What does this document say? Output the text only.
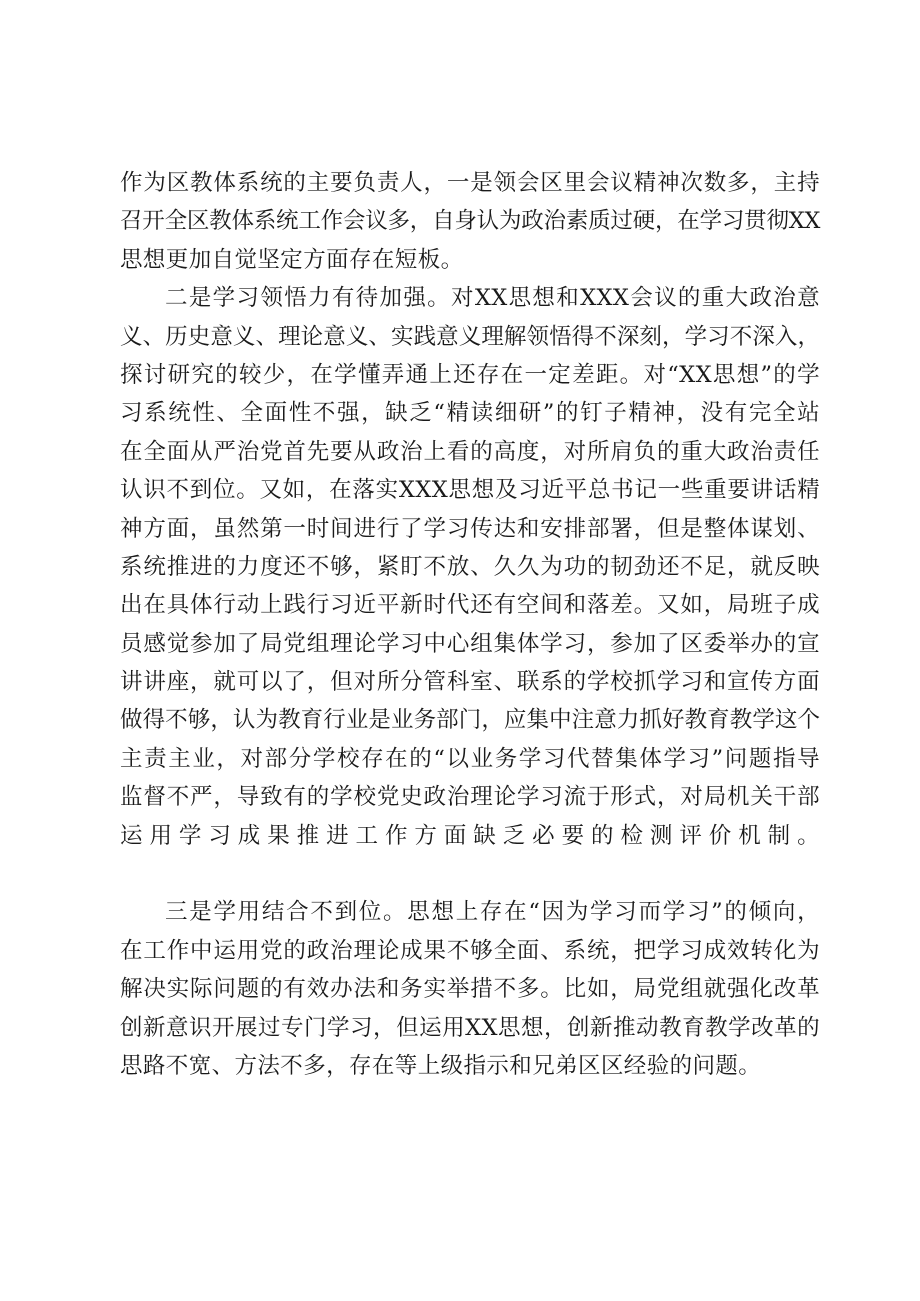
作为区教体系统的主要负责人，一是领会区里会议精神次数多，主持
召开全区教体系统工作会议多，自身认为政治素质过硬，在学习贯彻XX
思想更加自觉坚定方面存在短板。
二是学习领悟力有待加强。对XX思想和XXX会议的重大政治意
义、历史意义、理论意义、实践意义理解领悟得不深刻，学习不深入，
探讨研究的较少，在学懂弄通上还存在一定差距。对“XX思想”的学
习系统性、全面性不强，缺乏“精读细研”的钉子精神，没有完全站
在全面从严治党首先要从政治上看的高度，对所肩负的重大政治责任
认识不到位。又如，在落实XXX思想及习近平总书记一些重要讲话精
神方面，虽然第一时间进行了学习传达和安排部署，但是整体谋划、
系统推进的力度还不够，紧盯不放、久久为功的韧劲还不足，就反映
出在具体行动上践行习近平新时代还有空间和落差。又如，局班子成
员感觉参加了局党组理论学习中心组集体学习，参加了区委举办的宣
讲讲座，就可以了，但对所分管科室、联系的学校抓学习和宣传方面
做得不够，认为教育行业是业务部门，应集中注意力抓好教育教学这个
主责主业，对部分学校存在的“以业务学习代替集体学习”问题指导
监督不严，导致有的学校党史政治理论学习流于形式，对局机关干部
运用学习成果推进工作方面缺乏必要的检测评价机制。
三是学用结合不到位。思想上存在“因为学习而学习”的倾向，
在工作中运用党的政治理论成果不够全面、系统，把学习成效转化为
解决实际问题的有效办法和务实举措不多。比如，局党组就强化改革
创新意识开展过专门学习，但运用XX思想，创新推动教育教学改革的
思路不宽、方法不多，存在等上级指示和兄弟区区经验的问题。
